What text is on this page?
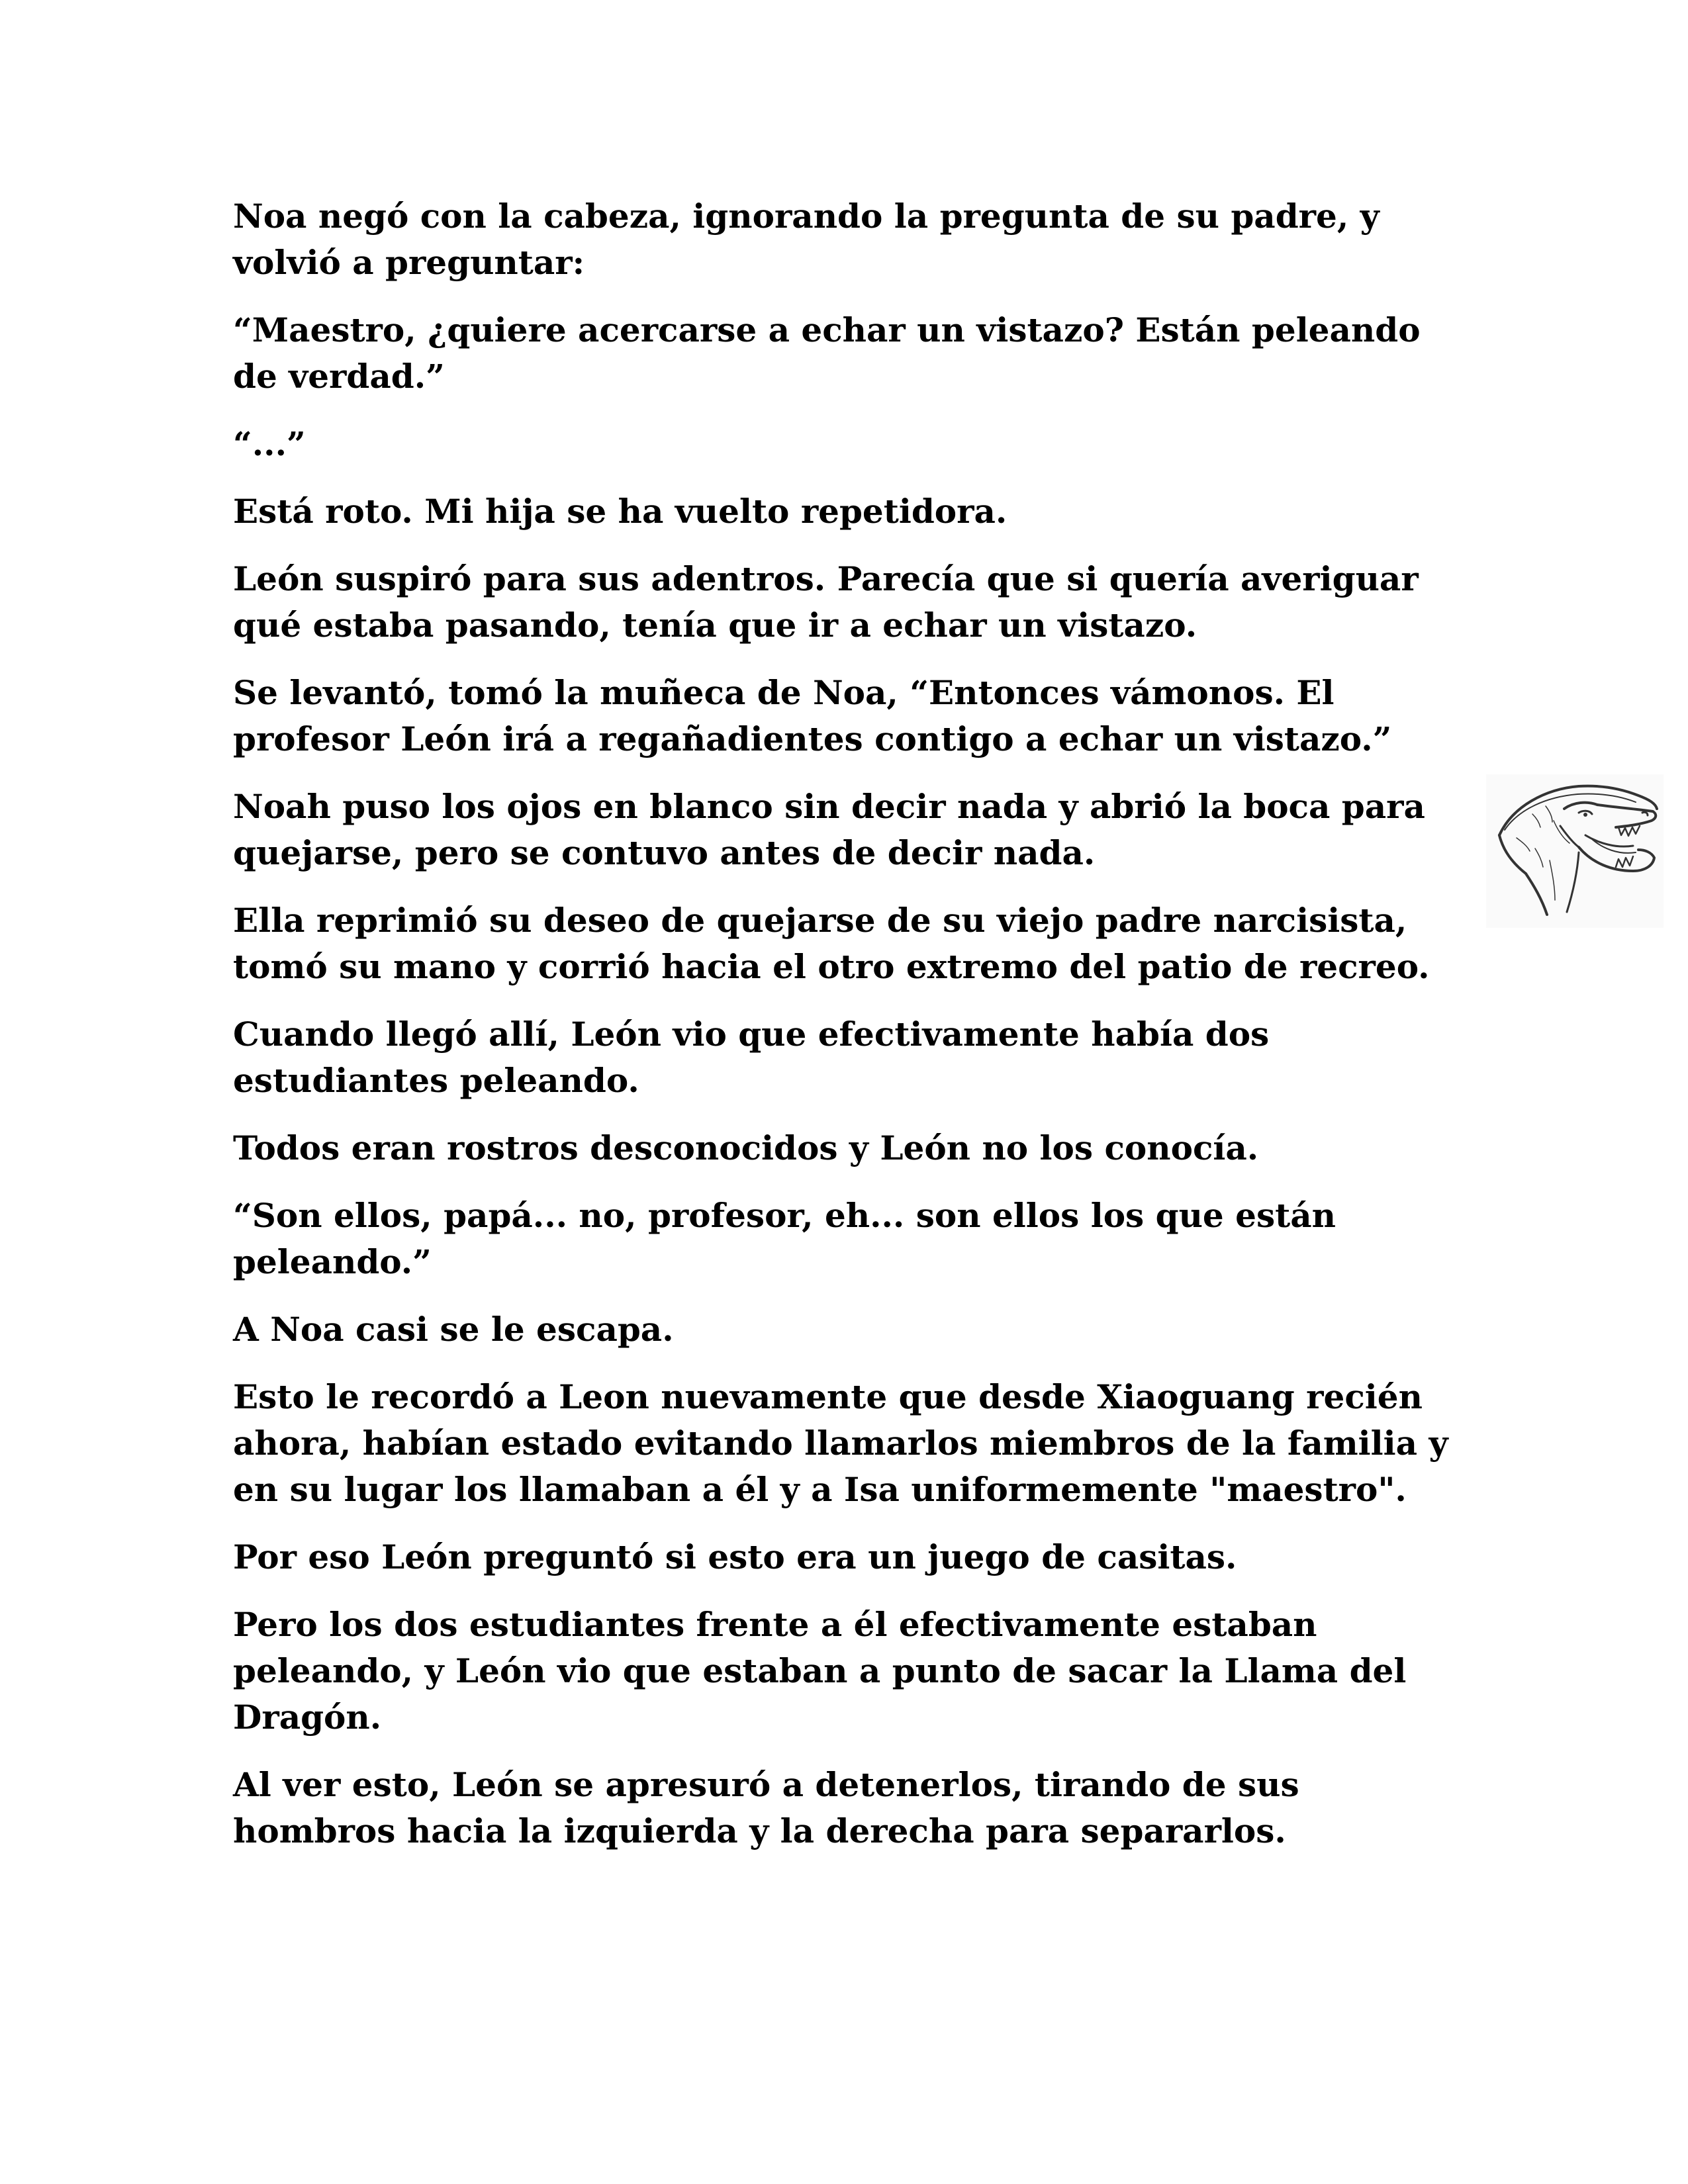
Noa negó con la cabeza, ignorando la pregunta de su padre, y volvió a preguntar:

“Maestro, ¿quiere acercarse a echar un vistazo? Están peleando de verdad.”

“...”

Está roto. Mi hija se ha vuelto repetidora.

León suspiró para sus adentros. Parecía que si quería averiguar qué estaba pasando, tenía que ir a echar un vistazo.

Se levantó, tomó la muñeca de Noa, “Entonces vámonos. El profesor León irá a regañadientes contigo a echar un vistazo.”

Noah puso los ojos en blanco sin decir nada y abrió la boca para quejarse, pero se contuvo antes de decir nada.

Ella reprimió su deseo de quejarse de su viejo padre narcisista, tomó su mano y corrió hacia el otro extremo del patio de recreo.

Cuando llegó allí, León vio que efectivamente había dos estudiantes peleando.

Todos eran rostros desconocidos y León no los conocía.

“Son ellos, papá... no, profesor, eh... son ellos los que están peleando.”

A Noa casi se le escapa.

Esto le recordó a Leon nuevamente que desde Xiaoguang recién ahora, habían estado evitando llamarlos miembros de la familia y en su lugar los llamaban a él y a Isa uniformemente "maestro".

Por eso León preguntó si esto era un juego de casitas.

Pero los dos estudiantes frente a él efectivamente estaban peleando, y León vio que estaban a punto de sacar la Llama del Dragón.

Al ver esto, León se apresuró a detenerlos, tirando de sus hombros hacia la izquierda y la derecha para separarlos.
